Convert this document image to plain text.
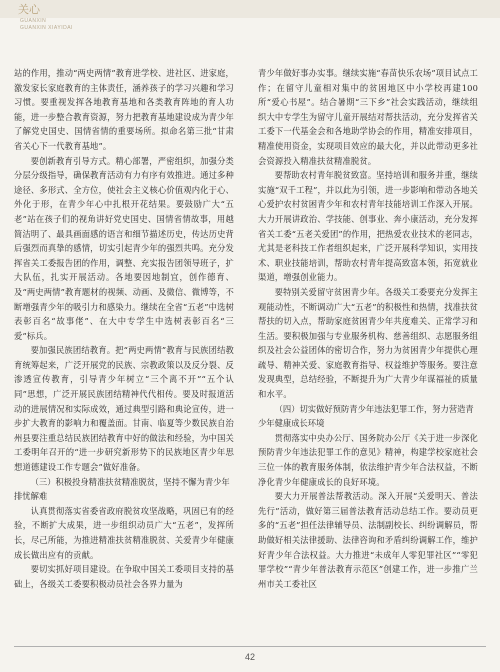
关心
GUANXIN
GUANXIN XIAYIDAI

站的作用，推动“两史两情”教育进学校、进社区、进家庭，激发家长家庭教育的主体责任，涵养孩子的学习兴趣和学习习惯。要重视发挥各地教育基地和各类教育阵地的育人功能，进一步整合教育资源，努力把教育基地建设成为青少年了解党史国史、国情省情的重要场所。拟命名第三批“甘肃省关心下一代教育基地”。

要创新教育引导方式。精心部署，严密组织，加强分类分层分级指导，确保教育活动有力有序有效推进。通过多种途径、多形式、全方位，使社会主义核心价值观内化于心、外化于形，在青少年心中扎根开花结果。要鼓励广大“五老”站在孩子们的视角讲好党史国史、国情省情故事，用越简洁明了、最具画面感的语言和细节描述历史，传达历史背后强烈而真挚的感情，切实引起青少年的强烈共鸣。充分发挥省关工委报告团的作用，调整、充实报告团领导班子，扩大队伍，扎实开展活动。各地要因地制宜，创作德育、及“两史两情”教育题材的视频、动画、及微信、微博等，不断增强青少年的吸引力和感染力。继续在全省“五老”中选树表彰百名“故事佬”、在大中专学生中选树表彰百名“三爱”标兵。

要加强民族团结教育。把“两史两情”教育与民族团结教育统筹起来，广泛开展党的民族、宗教政策以及反分裂、反渗透宣传教育，引导青少年树立“三个离不开”“五个认同”思想，广泛开展民族团结精神代代相传。要及时报道活动的进展情况和实际成效，通过典型引路和典论宣传，进一步扩大教育的影响力和覆盖面。甘南、临夏等少数民族自治州县要注重总结民族团结教育中好的做法和经验，为中国关工委明年召开的“进一步研究新形势下的民族地区青少年思想道德建设工作专题会”做好准备。

（三）积极投身精准扶贫精准脱贫，坚持不懈为青少年排忧解难

认真贯彻落实省委省政府脱贫攻坚战略，巩固已有的经验，不断扩大成果，进一步组织动员广大“五老”，发挥所长，尽己所能，为推进精准扶贫精准脱贫、关爱青少年健康成长做出应有的贡献。

要切实抓好项目建设。在争取中国关工委项目支持的基础上，各级关工委要积极动员社会各界力量为

青少年做好事办实事。继续实施“春苗快乐农场”项目试点工作；在留守儿童相对集中的贫困地区中小学校再建100所“爱心书屋”。结合暑期“三下乡”社会实践活动，继续组织大中专学生为留守儿童开展结对帮扶活动，充分发挥省关工委下一代基金会和各地助学协会的作用，精准安排项目，精准使用资金，实现项目效应的最大化，并以此带动更多社会资源投入精准扶贫精准脱贫。

要帮助农村青年脱贫致富。坚持培训和服务并重，继续实施“双千工程”，并以此为引领，进一步影响和带动各地关心爱护农村贫困青少年和农村青年技能培训工作深入开展。大力开展讲政治、学技能、创事业、奔小康活动，充分发挥省关工委“五老关爱团”的作用，把热爱农业技术的老同志，尤其是老科技工作者组织起来，广泛开展科学知识，实用技术、职业技能培训，帮助农村青年提高致富本领，拓宽就业渠道，增强创业能力。

要特别关爱留守贫困青少年。各级关工委要充分发挥主观能动性，不断调动广大“五老”的积极性和热情，找准扶贫帮扶的切入点，帮助家庭贫困青少年共度难关、正常学习和生活。要积极加强与专业服务机构、慈善组织、志愿服务组织及社会公益团体的密切合作，努力为贫困青少年提供心理疏导、精神关爱、家庭教育指导、权益维护等服务。要注意发现典型，总结经验，不断提升为广大青少年谋福祉的质量和水平。

（四）切实做好预防青少年违法犯罪工作，努力营造青少年健康成长环境

贯彻落实中央办公厅、国务院办公厅《关于进一步深化预防青少年违法犯罪工作的意见》精神，构建学校家庭社会三位一体的教育服务体制，依法维护青少年合法权益，不断净化青少年健康成长的良好环境。

要大力开展普法帮教活动。深入开展“关爱明天、普法先行”活动，做好第三届普法教育活动总结工作。要动员更多的“五老”担任法律辅导员、法制副校长、纠纷调解员，帮助做好相关法律援助、法律咨询和矛盾纠纷调解工作，维护好青少年合法权益。大力推进“未成年人零犯罪社区”“零犯罪学校”“青少年普法教育示范区”创建工作，进一步推广兰州市关工委社区

42
